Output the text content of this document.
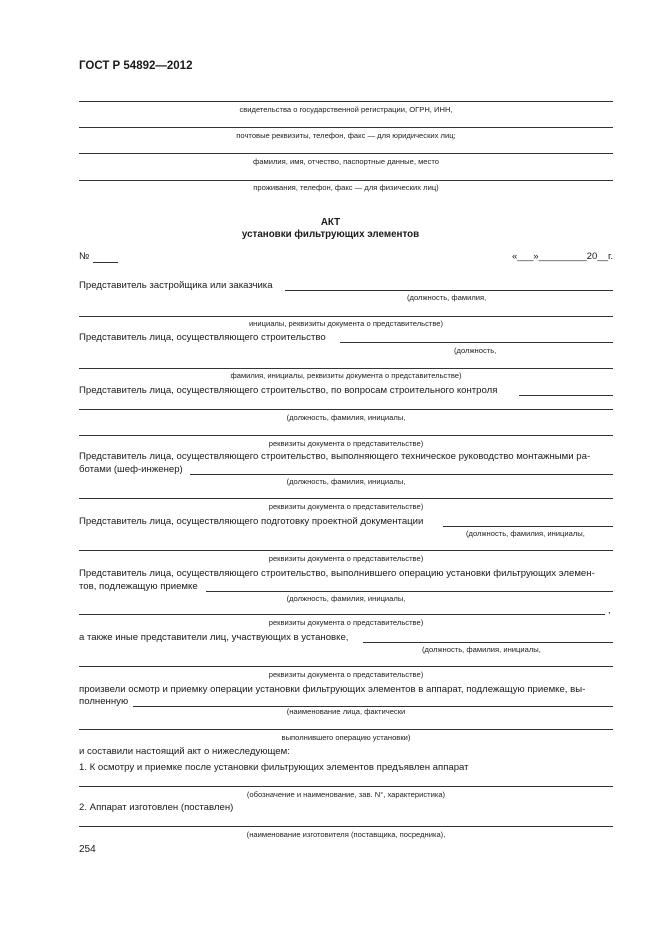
ГОСТ Р 54892—2012
свидетельства о государственной регистрации, ОГРН, ИНН,
почтовые реквизиты, телефон, факс — для юридических лиц;
фамилия, имя, отчество, паспортные данные, место
проживания, телефон, факс — для физических лиц)
АКТ
установки фильтрующих элементов
№	«___»_________20__г.
Представитель застройщика или заказчика
(должность, фамилия,
инициалы, реквизиты документа о представительстве)
Представитель лица, осуществляющего строительство
(должность,
фамилия, инициалы, реквизиты документа о представительстве)
Представитель лица, осуществляющего строительство, по вопросам строительного контроля
(должность, фамилия, инициалы,
реквизиты документа о представительстве)
Представитель лица, осуществляющего строительство, выполняющего техническое руководство монтажными ра-
ботами (шеф-инженер)
(должность, фамилия, инициалы,
реквизиты документа о представительстве)
Представитель лица, осуществляющего подготовку проектной документации
(должность, фамилия, инициалы,
реквизиты документа о представительстве)
Представитель лица, осуществляющего строительство, выполнившего операцию установки фильтрующих элемен-
тов, подлежащую приемке
(должность, фамилия, инициалы,
,
реквизиты документа о представительстве)
а также иные представители лиц, участвующих в установке,
(должность, фамилия, инициалы,
реквизиты документа о представительстве)
произвели осмотр и приемку операции установки фильтрующих элементов в аппарат, подлежащую приемке, вы-
полненную
(наименование лица, фактически
выполнившего операцию установки)
и составили настоящий акт о нижеследующем:
1. К осмотру и приемке после установки фильтрующих элементов предъявлен аппарат
(обозначение и наименование, зав. N°, характеристика)
2. Аппарат изготовлен (поставлен)
(наименование изготовителя (поставщика, посредника),
254
